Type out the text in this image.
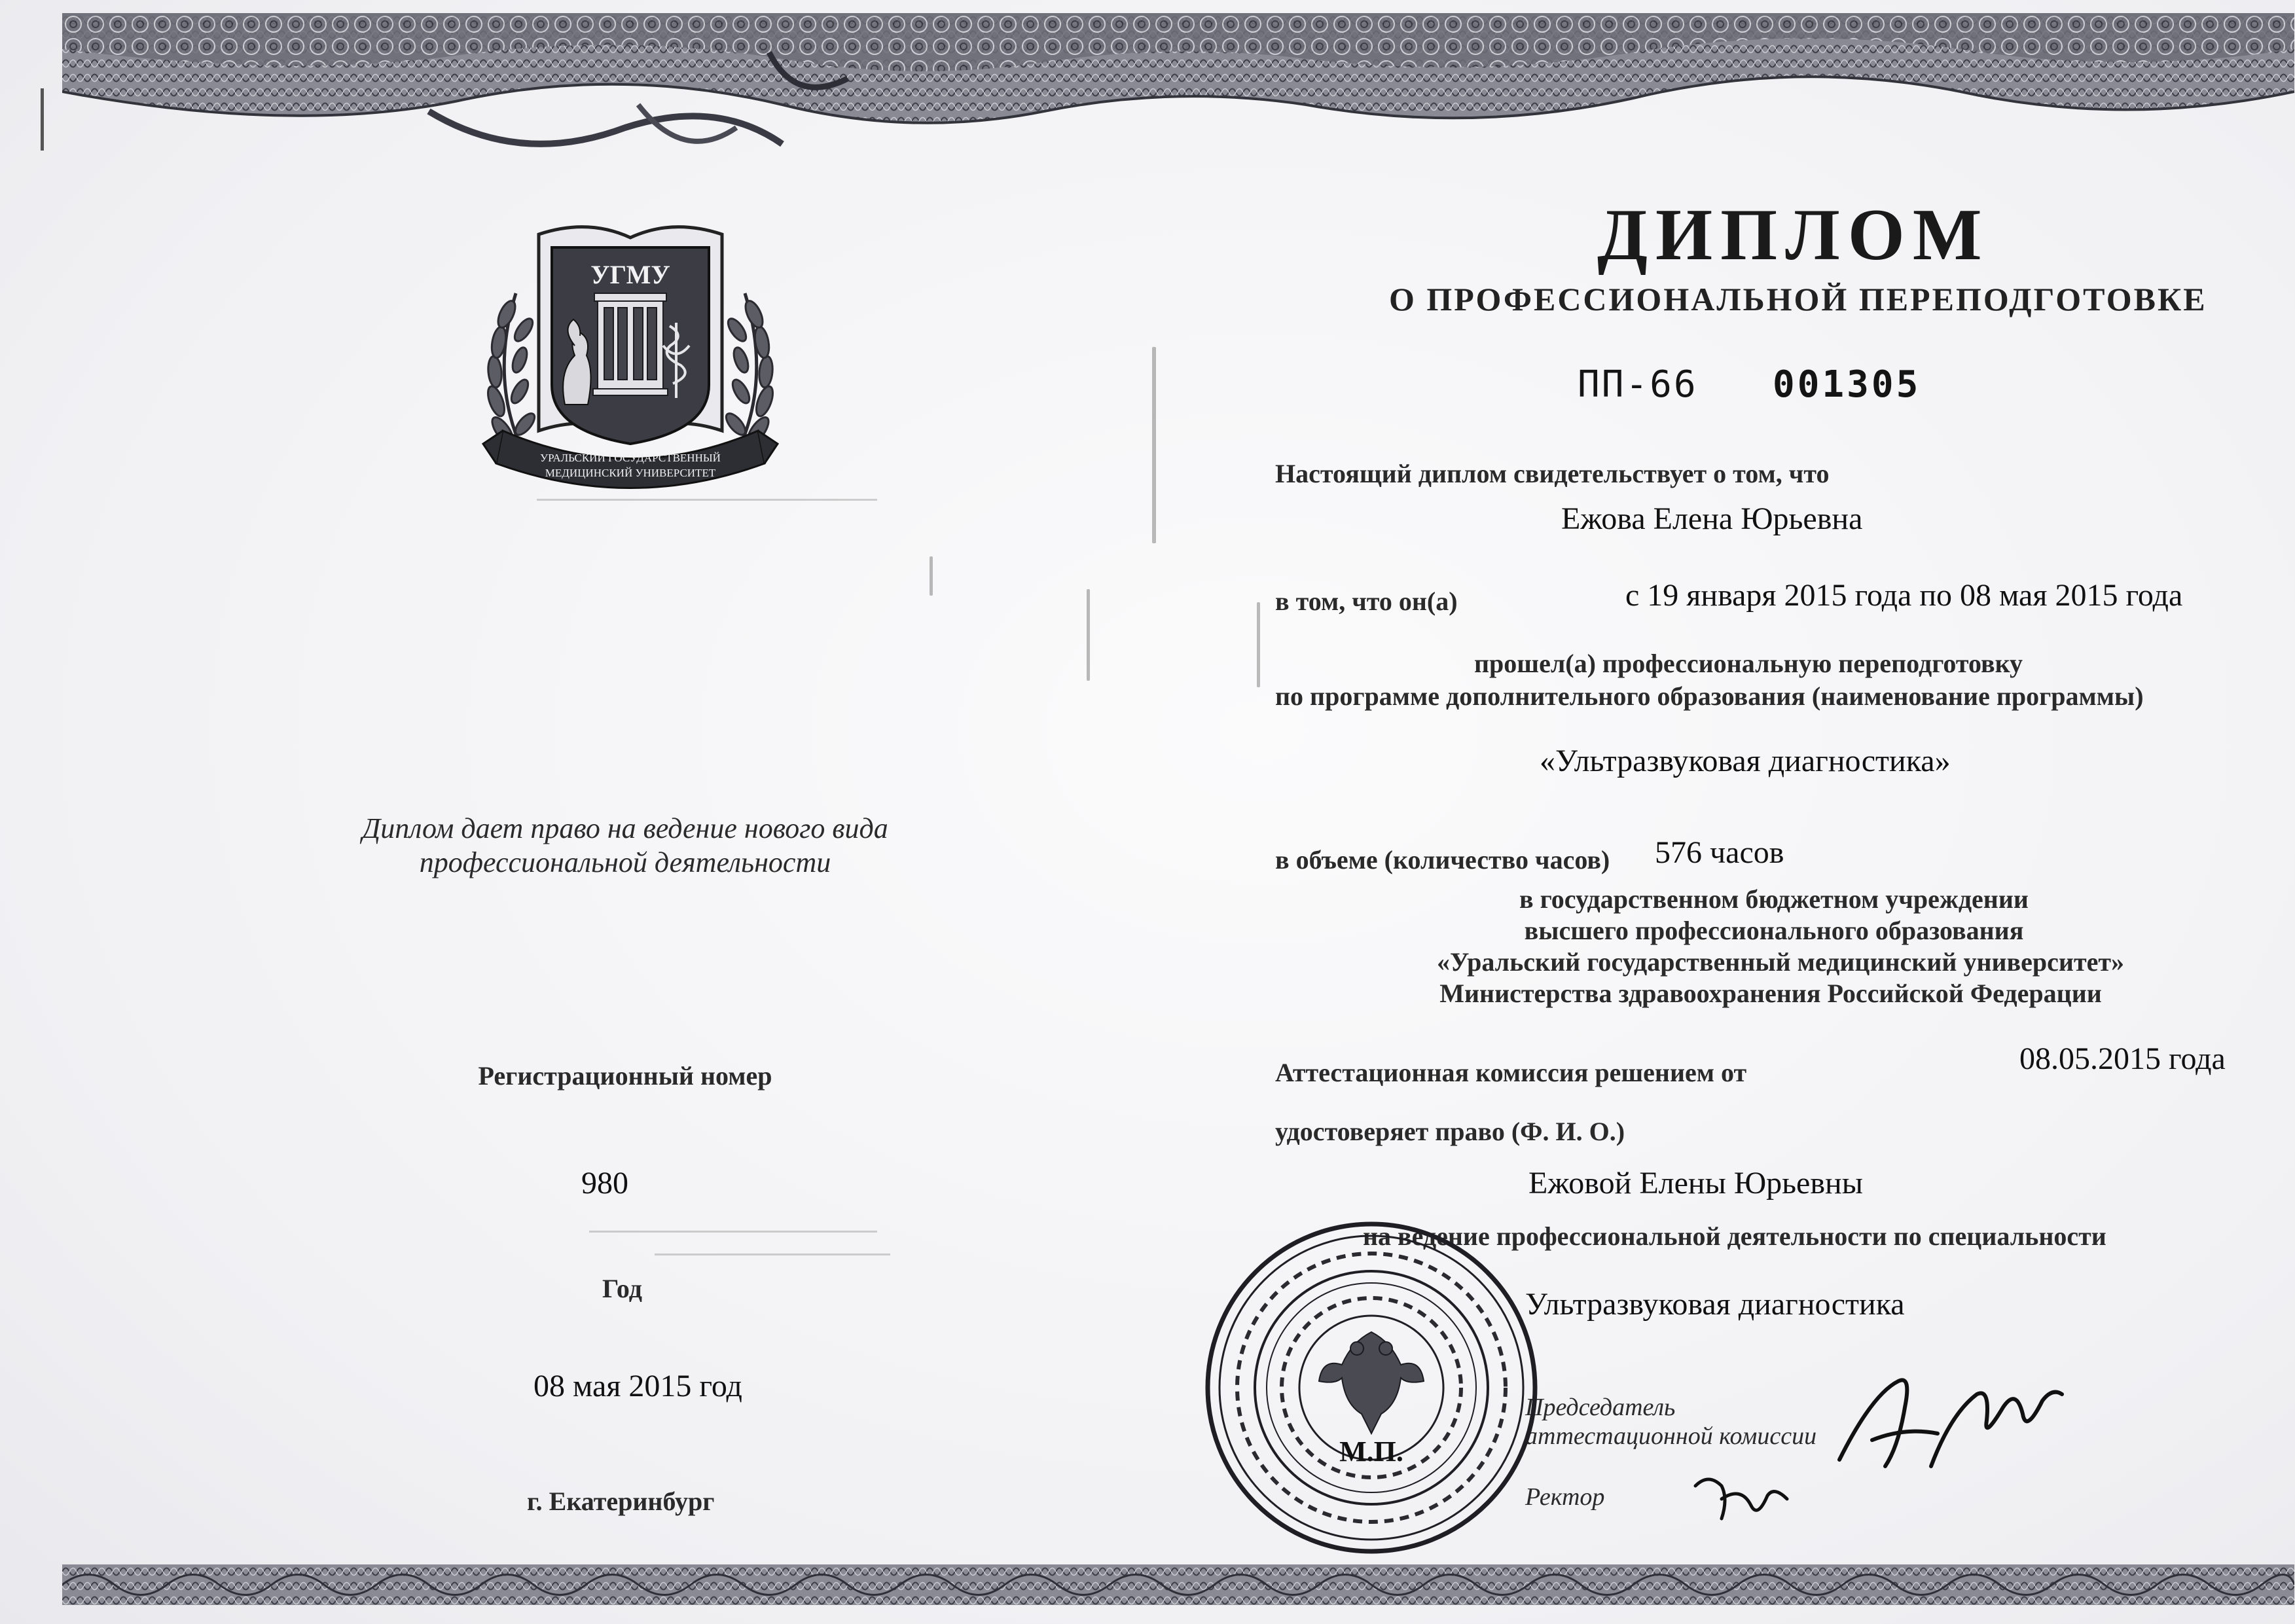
УГМУ
УРАЛЬСКИЙ ГОСУДАРСТВЕННЫЙ
МЕДИЦИНСКИЙ УНИВЕРСИТЕТ
ДИПЛОМ
О ПРОФЕССИОНАЛЬНОЙ ПЕРЕПОДГОТОВКЕ
ПП-66 001305
Настоящий диплом свидетельствует о том, что
Ежова Елена Юрьевна
в том, что он(а)	с 19 января 2015 года по 08 мая 2015 года
прошел(а) профессиональную переподготовку
по программе дополнительного образования (наименование программы)
«Ультразвуковая диагностика»
в объеме (количество часов) 576 часов
в государственном бюджетном учреждении
высшего профессионального образования
«Уральский государственный медицинский университет»
Министерства здравоохранения Российской Федерации
Аттестационная комиссия решением от	08.05.2015 года
удостоверяет право (Ф. И. О.)
Ежовой Елены Юрьевны
на ведение профессиональной деятельности по специальности
Ультразвуковая диагностика
Председатель
аттестационной комиссии
Ректор
Диплом дает право на ведение нового вида
профессиональной деятельности
Регистрационный номер
980
Год
08 мая 2015 год
г. Екатеринбург
М.П.
